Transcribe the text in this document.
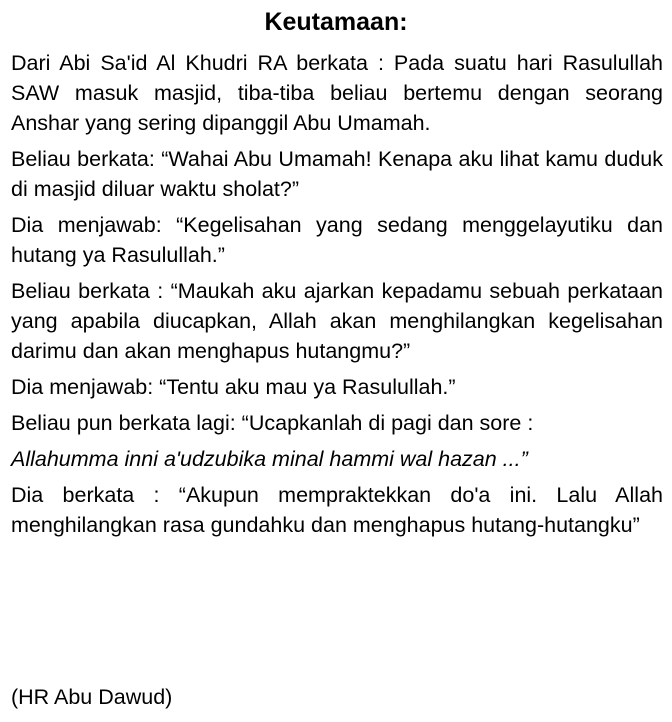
Keutamaan:

Dari Abi Sa'id Al Khudri RA berkata : Pada suatu hari Rasulullah SAW masuk masjid, tiba-tiba beliau bertemu dengan seorang Anshar yang sering dipanggil Abu Umamah.

Beliau berkata: “Wahai Abu Umamah! Kenapa aku lihat kamu duduk di masjid diluar waktu sholat?”

Dia menjawab: “Kegelisahan yang sedang menggelayutiku dan hutang ya Rasulullah.”

Beliau berkata : “Maukah aku ajarkan kepadamu sebuah perkataan yang apabila diucapkan, Allah akan menghilangkan kegelisahan darimu dan akan menghapus hutangmu?”

Dia menjawab: “Tentu aku mau ya Rasulullah.”

Beliau pun berkata lagi: “Ucapkanlah di pagi dan sore :

Allahumma inni a'udzubika minal hammi wal hazan ...”

Dia berkata : “Akupun mempraktekkan do'a ini. Lalu Allah menghilangkan rasa gundahku dan menghapus hutang-hutangku”

(HR Abu Dawud)
